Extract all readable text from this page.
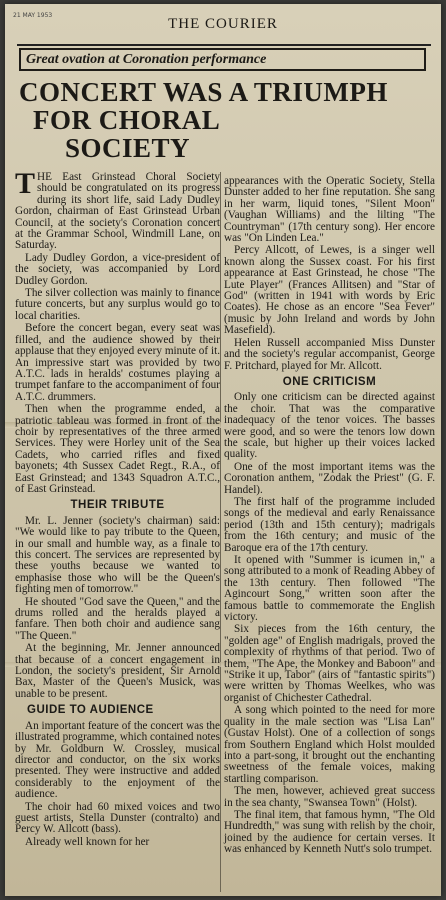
21 MAY 1953
THE COURIER
Great ovation at Coronation performance
CONCERT WAS A TRIUMPH
FOR CHORAL
SOCIETY

THE East Grinstead Choral Society should be congratulated on its progress during its short life, said Lady Dudley Gordon, chairman of East Grinstead Urban Council, at the society's Coronation concert at the Grammar School, Windmill Lane, on Saturday.

Lady Dudley Gordon, a vice-president of the society, was accompanied by Lord Dudley Gordon.

The silver collection was mainly to finance future concerts, but any surplus would go to local charities.

Before the concert began, every seat was filled, and the audience showed by their applause that they enjoyed every minute of it. An impressive start was provided by two A.T.C. lads in heralds' costumes playing a trumpet fanfare to the accompaniment of four A.T.C. drummers.

Then when the programme ended, a patriotic tableau was formed in front of the choir by representatives of the three armed Services. They were Horley unit of the Sea Cadets, who carried rifles and fixed bayonets; 4th Sussex Cadet Regt., R.A., of East Grinstead; and 1343 Squadron A.T.C., of East Grinstead.

THEIR TRIBUTE

Mr. L. Jenner (society's chairman) said: "We would like to pay tribute to the Queen, in our small and humble way, as a finale to this concert. The services are represented by these youths because we wanted to emphasise those who will be the Queen's fighting men of tomorrow."

He shouted "God save the Queen," and the drums rolled and the heralds played a fanfare. Then both choir and audience sang "The Queen."

At the beginning, Mr. Jenner announced that because of a concert engagement in London, the society's president, Sir Arnold Bax, Master of the Queen's Musick, was unable to be present.

GUIDE TO AUDIENCE

An important feature of the concert was the illustrated programme, which contained notes by Mr. Goldburn W. Crossley, musical director and conductor, on the six works presented. They were instructive and added considerably to the enjoyment of the audience.

The choir had 60 mixed voices and two guest artists, Stella Dunster (contralto) and Percy W. Allcott (bass).

Already well known for her

appearances with the Operatic Society, Stella Dunster added to her fine reputation. She sang in her warm, liquid tones, "Silent Moon" (Vaughan Williams) and the lilting "The Countryman" (17th century song). Her encore was "On Linden Lea."

Percy Allcott, of Lewes, is a singer well known along the Sussex coast. For his first appearance at East Grinstead, he chose "The Lute Player" (Frances Allitsen) and "Star of God" (written in 1941 with words by Eric Coates). He chose as an encore "Sea Fever" (music by John Ireland and words by John Masefield).

Helen Russell accompanied Miss Dunster and the society's regular accompanist, George F. Pritchard, played for Mr. Allcott.

ONE CRITICISM

Only one criticism can be directed against the choir. That was the comparative inadequacy of the tenor voices. The basses were good, and so were the tenors low down the scale, but higher up their voices lacked quality.

One of the most important items was the Coronation anthem, "Zodak the Priest" (G. F. Handel).

The first half of the programme included songs of the medieval and early Renaissance period (13th and 15th century); madrigals from the 16th century; and music of the Baroque era of the 17th century.

It opened with "Summer is icumen in," a song attributed to a monk of Reading Abbey of the 13th century. Then followed "The Agincourt Song," written soon after the famous battle to commemorate the English victory.

Six pieces from the 16th century, the "golden age" of English madrigals, proved the complexity of rhythms of that period. Two of them, "The Ape, the Monkey and Baboon" and "Strike it up, Tabor" (airs of "fantastic spirits") were written by Thomas Weelkes, who was organist of Chichester Cathedral.

A song which pointed to the need for more quality in the male section was "Lisa Lan" (Gustav Holst). One of a collection of songs from Southern England which Holst moulded into a part-song, it brought out the enchanting sweetness of the female voices, making startling comparison.

The men, however, achieved great success in the sea chanty, "Swansea Town" (Holst).

The final item, that famous hymn, "The Old Hundredth," was sung with relish by the choir, joined by the audience for certain verses. It was enhanced by Kenneth Nutt's solo trumpet.
